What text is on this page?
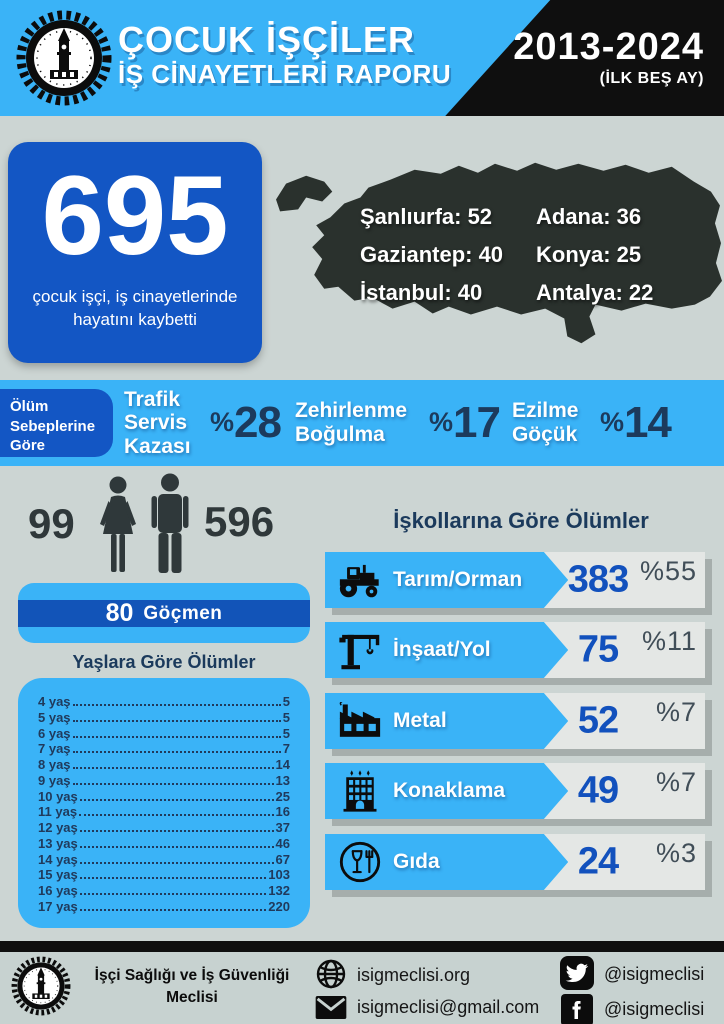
ÇOCUK İŞÇİLER
İŞ CİNAYETLERİ RAPORU
2013-2024
(İLK BEŞ AY)
695
çocuk işçi, iş cinayetlerinde hayatını kaybetti
Şanlıurfa: 52	Adana: 36
Gaziantep: 40	Konya: 25
İstanbul: 40	Antalya: 22
Ölüm Sebeplerine Göre
Trafik Servis Kazası
%28 Zehirlenme Boğulma	%17 Ezilme Göçük %14
99	596
80 Göçmen
Yaşlara Göre Ölümler
4 yaş	5
5 yaş	5
6 yaş	5
7 yaş	7
8 yaş	14
9 yaş	13
10 yaş	25
11 yaş	16
12 yaş	37
13 yaş	46
14 yaş	67
15 yaş	103
16 yaş	132
17 yaş	220
İşkollarına Göre Ölümler
Tarım/Orman	383 %55
İnşaat/Yol	75 %11
Metal	52	%7
Konaklama	49	%7
Gıda	24	%3
İşçi Sağlığı ve İş Güvenliği Meclisi
isigmeclisi.org
isigmeclisi@gmail.com
@isigmeclisi
@isigmeclisi
